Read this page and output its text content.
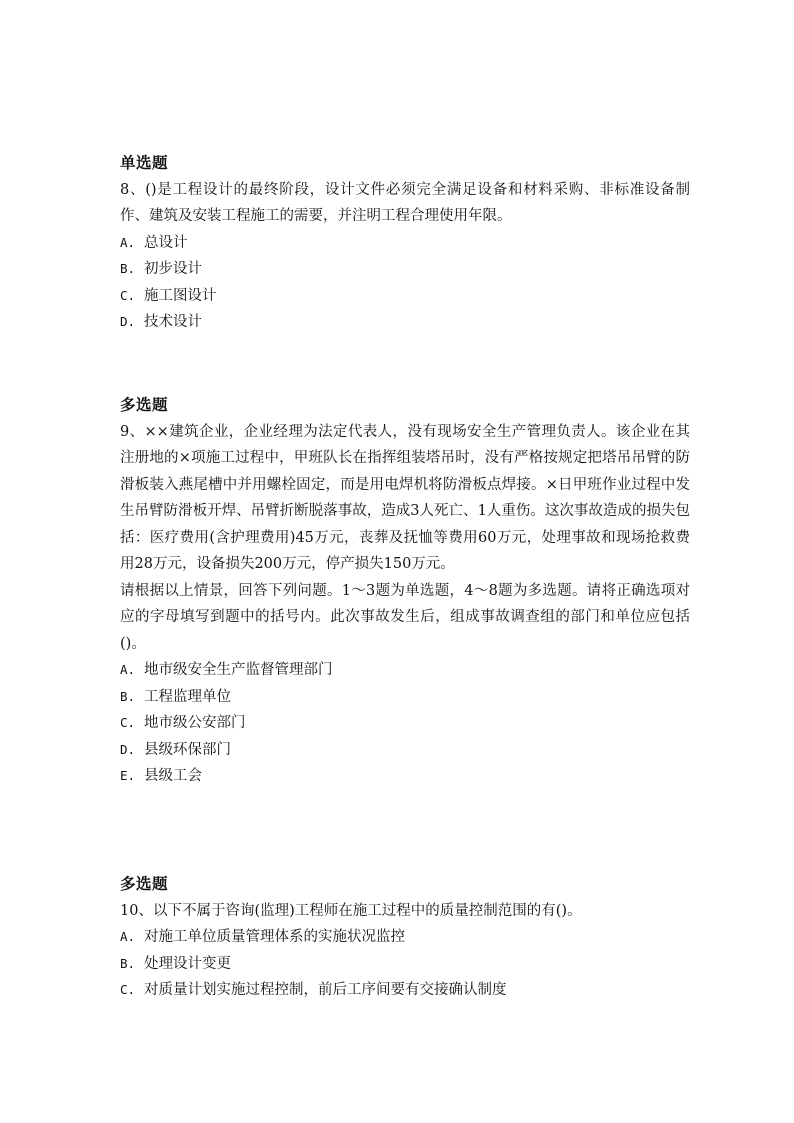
单选题

8、()是工程设计的最终阶段，设计文件必须完全满足设备和材料采购、非标准设备制作、建筑及安装工程施工的需要，并注明工程合理使用年限。

A. 总设计
B. 初步设计
C. 施工图设计
D. 技术设计
多选题

9、××建筑企业，企业经理为法定代表人，没有现场安全生产管理负责人。该企业在其注册地的×项施工过程中，甲班队长在指挥组装塔吊时，没有严格按规定把塔吊吊臂的防滑板装入燕尾槽中并用螺栓固定，而是用电焊机将防滑板点焊接。×日甲班作业过程中发生吊臂防滑板开焊、吊臂折断脱落事故，造成3人死亡、1人重伤。这次事故造成的损失包括：医疗费用(含护理费用)45万元，丧葬及抚恤等费用60万元，处理事故和现场抢救费用28万元，设备损失200万元，停产损失150万元。

请根据以上情景，回答下列问题。1～3题为单选题，4～8题为多选题。请将正确选项对应的字母填写到题中的括号内。此次事故发生后，组成事故调查组的部门和单位应包括()。

A. 地市级安全生产监督管理部门
B. 工程监理单位
C. 地市级公安部门
D. 县级环保部门
E. 县级工会
多选题

10、以下不属于咨询(监理)工程师在施工过程中的质量控制范围的有()。

A. 对施工单位质量管理体系的实施状况监控
B. 处理设计变更
C. 对质量计划实施过程控制，前后工序间要有交接确认制度
